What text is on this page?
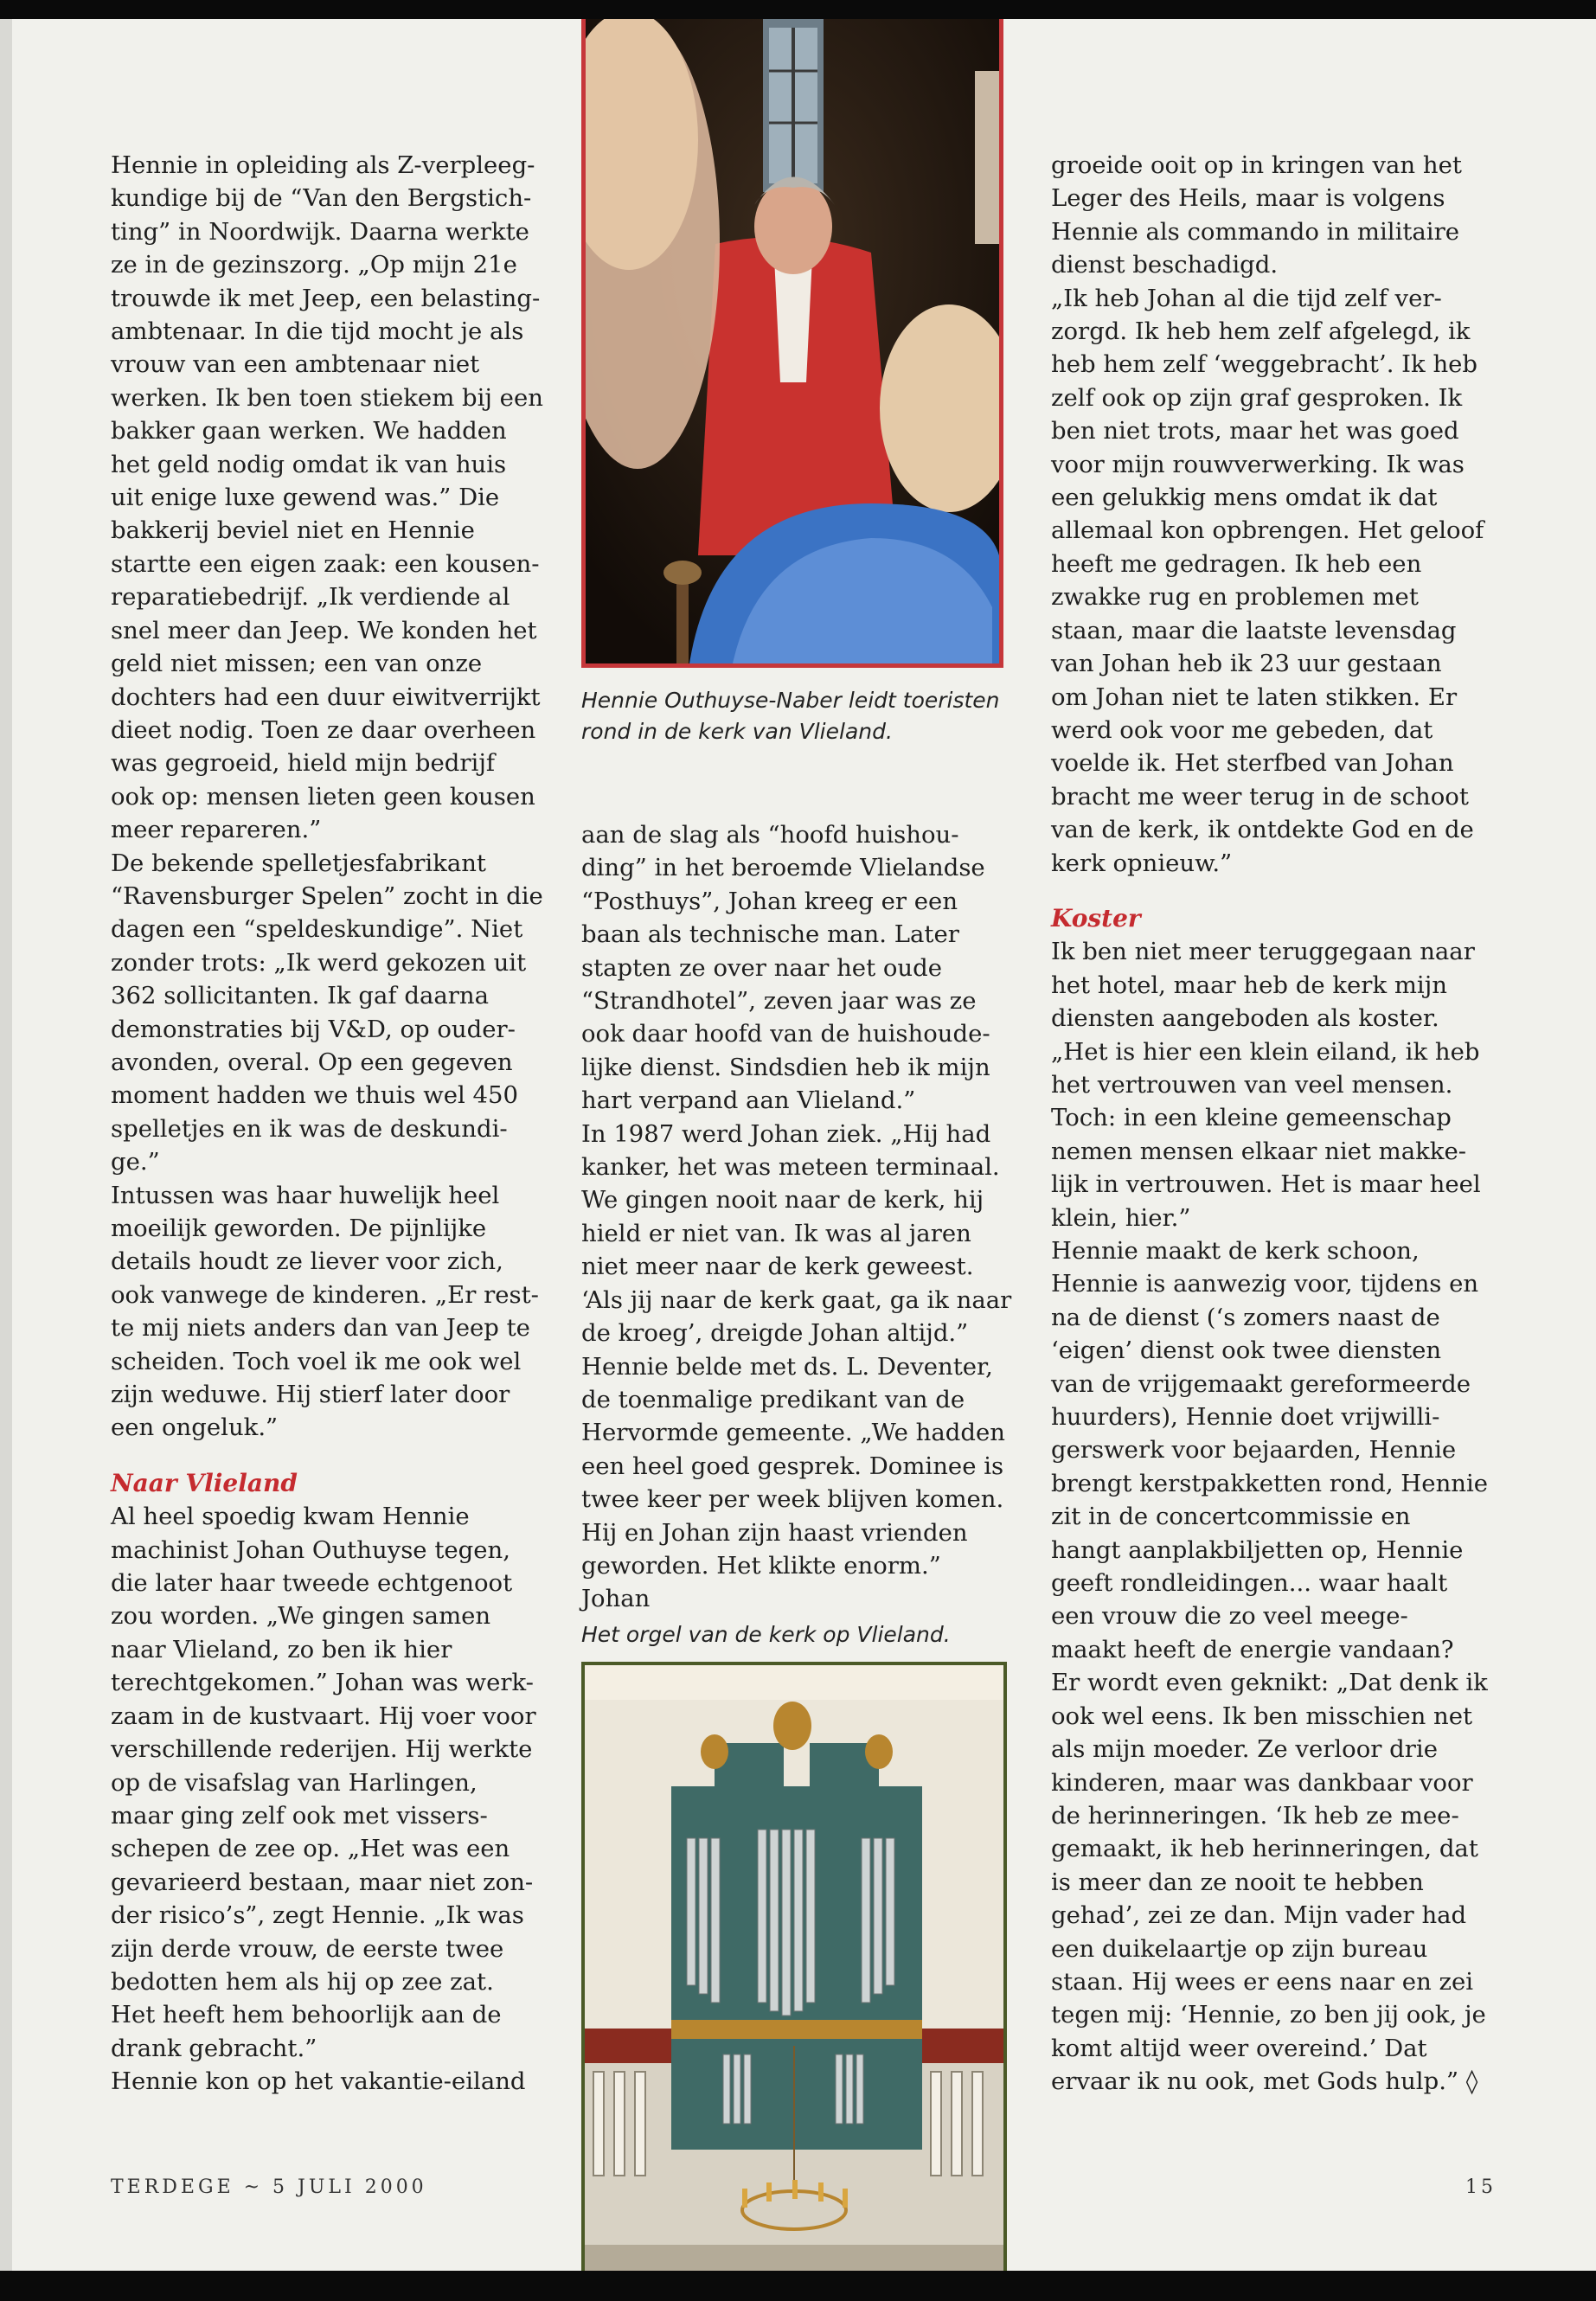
Hennie in opleiding als Z-verpleeg-

kundige bij de “Van den Bergstich-

ting” in Noordwijk. Daarna werkte

ze in de gezinszorg. „Op mijn 21e

trouwde ik met Jeep, een belasting-

ambtenaar. In die tijd mocht je als

vrouw van een ambtenaar niet

werken. Ik ben toen stiekem bij een

bakker gaan werken. We hadden

het geld nodig omdat ik van huis

uit enige luxe gewend was.” Die

bakkerij beviel niet en Hennie

startte een eigen zaak: een kousen-

reparatiebedrijf. „Ik verdiende al

snel meer dan Jeep. We konden het

geld niet missen; een van onze

dochters had een duur eiwitverrijkt

dieet nodig. Toen ze daar overheen

was gegroeid, hield mijn bedrijf

ook op: mensen lieten geen kousen

meer repareren.”

De bekende spelletjesfabrikant

“Ravensburger Spelen” zocht in die

dagen een “speldeskundige”. Niet

zonder trots: „Ik werd gekozen uit

362 sollicitanten. Ik gaf daarna

demonstraties bij V&D, op ouder-

avonden, overal. Op een gegeven

moment hadden we thuis wel 450

spelletjes en ik was de deskundi-

ge.”

Intussen was haar huwelijk heel

moeilijk geworden. De pijnlijke

details houdt ze liever voor zich,

ook vanwege de kinderen. „Er rest-

te mij niets anders dan van Jeep te

scheiden. Toch voel ik me ook wel

zijn weduwe. Hij stierf later door

een ongeluk.”

Naar Vlieland

Al heel spoedig kwam Hennie

machinist Johan Outhuyse tegen,

die later haar tweede echtgenoot

zou worden. „We gingen samen

naar Vlieland, zo ben ik hier

terechtgekomen.” Johan was werk-

zaam in de kustvaart. Hij voer voor

verschillende rederijen. Hij werkte

op de visafslag van Harlingen,

maar ging zelf ook met vissers-

schepen de zee op. „Het was een

gevarieerd bestaan, maar niet zon-

der risico’s”, zegt Hennie. „Ik was

zijn derde vrouw, de eerste twee

bedotten hem als hij op zee zat.

Het heeft hem behoorlijk aan de

drank gebracht.”

Hennie kon op het vakantie-eiland

Hennie Outhuyse-Naber leidt toeristen rond in de kerk van Vlieland.

aan de slag als “hoofd huishou-

ding” in het beroemde Vlielandse

“Posthuys”, Johan kreeg er een

baan als technische man. Later

stapten ze over naar het oude

“Strandhotel”, zeven jaar was ze

ook daar hoofd van de huishoude-

lijke dienst. Sindsdien heb ik mijn

hart verpand aan Vlieland.”

In 1987 werd Johan ziek. „Hij had

kanker, het was meteen terminaal.

We gingen nooit naar de kerk, hij

hield er niet van. Ik was al jaren

niet meer naar de kerk geweest.

‘Als jij naar de kerk gaat, ga ik naar

de kroeg’, dreigde Johan altijd.”

Hennie belde met ds. L. Deventer,

de toenmalige predikant van de

Hervormde gemeente. „We hadden

een heel goed gesprek. Dominee is

twee keer per week blijven komen.

Hij en Johan zijn haast vrienden

geworden. Het klikte enorm.” Johan

Het orgel van de kerk op Vlieland.

groeide ooit op in kringen van het

Leger des Heils, maar is volgens

Hennie als commando in militaire

dienst beschadigd.

„Ik heb Johan al die tijd zelf ver-

zorgd. Ik heb hem zelf afgelegd, ik

heb hem zelf ‘weggebracht’. Ik heb

zelf ook op zijn graf gesproken. Ik

ben niet trots, maar het was goed

voor mijn rouwverwerking. Ik was

een gelukkig mens omdat ik dat

allemaal kon opbrengen. Het geloof

heeft me gedragen. Ik heb een

zwakke rug en problemen met

staan, maar die laatste levensdag

van Johan heb ik 23 uur gestaan

om Johan niet te laten stikken. Er

werd ook voor me gebeden, dat

voelde ik. Het sterfbed van Johan

bracht me weer terug in de schoot

van de kerk, ik ontdekte God en de

kerk opnieuw.”

Koster

Ik ben niet meer teruggegaan naar

het hotel, maar heb de kerk mijn

diensten aangeboden als koster.

„Het is hier een klein eiland, ik heb

het vertrouwen van veel mensen.

Toch: in een kleine gemeenschap

nemen mensen elkaar niet makke-

lijk in vertrouwen. Het is maar heel

klein, hier.”

Hennie maakt de kerk schoon,

Hennie is aanwezig voor, tijdens en

na de dienst (‘s zomers naast de

‘eigen’ dienst ook twee diensten

van de vrijgemaakt gereformeerde

huurders), Hennie doet vrijwilli-

gerswerk voor bejaarden, Hennie

brengt kerstpakketten rond, Hennie

zit in de concertcommissie en

hangt aanplakbiljetten op, Hennie

geeft rondleidingen... waar haalt

een vrouw die zo veel meege-

maakt heeft de energie vandaan?

Er wordt even geknikt: „Dat denk ik

ook wel eens. Ik ben misschien net

als mijn moeder. Ze verloor drie

kinderen, maar was dankbaar voor

de herinneringen. ‘Ik heb ze mee-

gemaakt, ik heb herinneringen, dat

is meer dan ze nooit te hebben

gehad’, zei ze dan. Mijn vader had

een duikelaartje op zijn bureau

staan. Hij wees er eens naar en zei

tegen mij: ‘Hennie, zo ben jij ook, je

komt altijd weer overeind.’ Dat

ervaar ik nu ook, met Gods hulp.” ◊

TERDEGE ~ 5 JULI 2000	15
